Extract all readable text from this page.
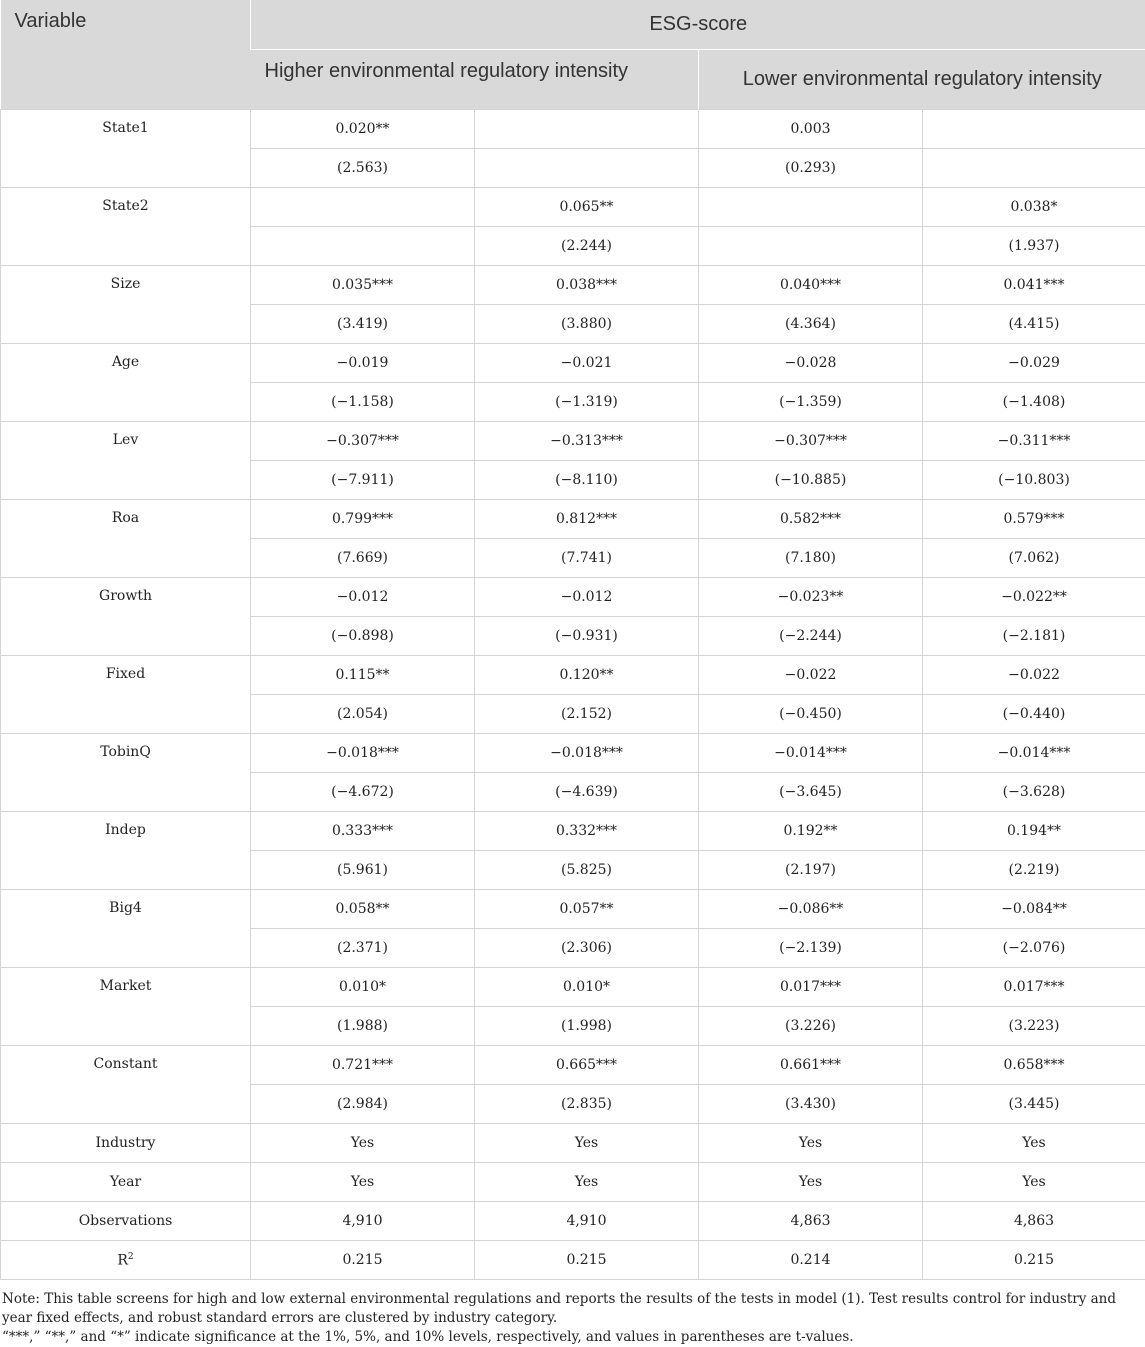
Variable	ESG-score			
	Higher environmental regulatory intensity		Lower environmental regulatory intensity	
State1	0.020**		0.003	
	(2.563)		(0.293)	
State2		0.065**		0.038*
		(2.244)		(1.937)
Size	0.035***	0.038***	0.040***	0.041***
	(3.419)	(3.880)	(4.364)	(4.415)
Age	−0.019	−0.021	−0.028	−0.029
	(−1.158)	(−1.319)	(−1.359)	(−1.408)
Lev	−0.307***	−0.313***	−0.307***	−0.311***
	(−7.911)	(−8.110)	(−10.885)	(−10.803)
Roa	0.799***	0.812***	0.582***	0.579***
	(7.669)	(7.741)	(7.180)	(7.062)
Growth	−0.012	−0.012	−0.023**	−0.022**
	(−0.898)	(−0.931)	(−2.244)	(−2.181)
Fixed	0.115**	0.120**	−0.022	−0.022
	(2.054)	(2.152)	(−0.450)	(−0.440)
TobinQ	−0.018***	−0.018***	−0.014***	−0.014***
	(−4.672)	(−4.639)	(−3.645)	(−3.628)
Indep	0.333***	0.332***	0.192**	0.194**
	(5.961)	(5.825)	(2.197)	(2.219)
Big4	0.058**	0.057**	−0.086**	−0.084**
	(2.371)	(2.306)	(−2.139)	(−2.076)
Market	0.010*	0.010*	0.017***	0.017***
	(1.988)	(1.998)	(3.226)	(3.223)
Constant	0.721***	0.665***	0.661***	0.658***
	(2.984)	(2.835)	(3.430)	(3.445)
Industry	Yes	Yes	Yes	Yes
Year	Yes	Yes	Yes	Yes
Observations	4,910	4,910	4,863	4,863
$R^2$	0.215	0.215	0.214	0.215

Note: This table screens for high and low external environmental regulations and reports the results of the tests in model (1). Test results control for industry and year fixed effects, and robust standard errors are clustered by industry category.

“***,” “**,” and “*” indicate significance at the 1%, 5%, and 10% levels, respectively, and values in parentheses are t-values.
